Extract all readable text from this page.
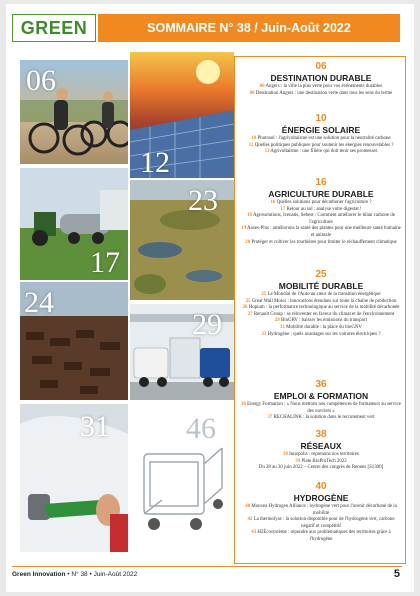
GREEN	SOMMAIRE N° 38 / Juin-Août 2022
06
12
17
23
24
29
31	46
06
DESTINATION DURABLE
06 Angers : la ville la plus verte pour vos événements durables
08 Destination Angers : une destination verte dans tous les sens du terme
10
ÉNERGIE SOLAIRE
10 Photosol : l'agrivoltaïsme est une solution pour la neutralité carbone
12 Quelles politiques publiques pour soutenir les énergies renouvelables ?
13 Agrivoltaïsme : une filière qui doit tenir ses promesses
16
AGRICULTURE DURABLE
16 Quelles solutions pour décarboner l'agriculture ?
17 Retour au sol : analyse votre digestat !
18 Agrosolutions, Icenatis, Sebest : Comment améliorer le bilan carbone de l'agriculture
19 Anses-Plus : améliorons la santé des plantes pour une meilleure santé humaine et animale
20 Protéger et cultiver les tourbières pour limiter le réchauffement climatique
25
MOBILITÉ DURABLE
25 Le Mondial de l'Auto au cœur de la transition énergétique
25 Great Wall Motor : innovations étendues sur toute la chaîne de production
26 Hopium : la performance technologique au service de la mobilité décarbonée
27 Renault Group : se réinventer en faveur du climat et de l'environnement
29 BluGRV : baisser les émissions du transport
31 Mobilité durable : la place du bioGNV
33 Hydrogène : quels avantages sur les voitures électriques ?
36
EMPLOI & FORMATION
36 Energy Formation : « Nous mettons nos compétences de formateurs au service des ouvriers »
37 RECHALINK : la solution dans le recrutement vert
38
RÉSEAUX
38 Innopolis : reprenons nos territoires
39 Plate BioProTech 2022
Du 28 au 30 juin 2022 – Centre des congrès de Rennes [S1300]
40
HYDROGÈNE
40 Mouvea Hydrogen Alliance : hydrogène vert pour l'avenir décarboné de la mobilité
42 La thermolyse : la solution disponible pour de l'hydrogène vert, carbone négatif et compétitif
43 H2Écosystème : répondre aux problématiques des territoires grâce à l'hydrogène
Green Innovation • N° 38 • Juin-Août 2022	5
